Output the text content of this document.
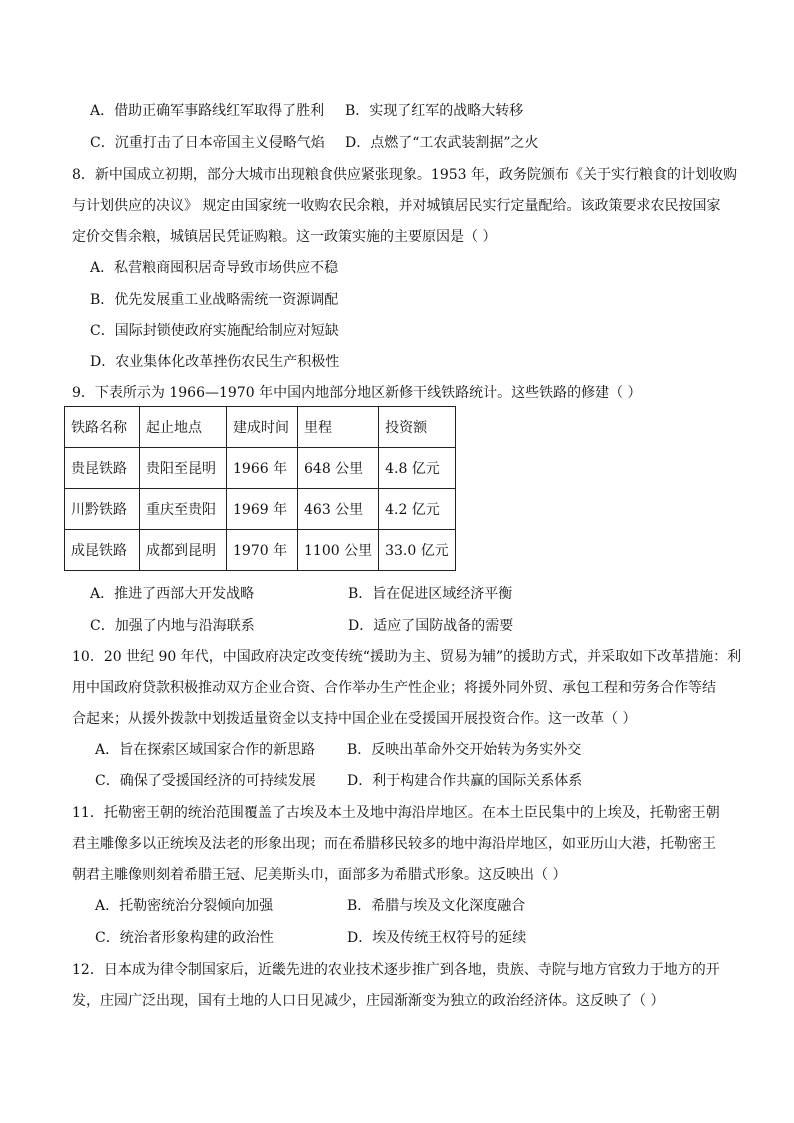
A．借助正确军事路线红军取得了胜利 B．实现了红军的战略大转移
C．沉重打击了日本帝国主义侵略气焰 D．点燃了“工农武装割据”之火
8．新中国成立初期，部分大城市出现粮食供应紧张现象。1953 年，政务院颁布《关于实行粮食的计划收购
与计划供应的决议》 规定由国家统一收购农民余粮，并对城镇居民实行定量配给。该政策要求农民按国家
定价交售余粮，城镇居民凭证购粮。这一政策实施的主要原因是（ ）
A．私营粮商囤积居奇导致市场供应不稳
B．优先发展重工业战略需统一资源调配
C．国际封锁使政府实施配给制应对短缺
D．农业集体化改革挫伤农民生产积极性
9．下表所示为 1966—1970 年中国内地部分地区新修干线铁路统计。这些铁路的修建（ ）
铁路名称	起止地点	建成时间	里程	投资额
贵昆铁路	贵阳至昆明	1966 年	648 公里	4.8 亿元
川黔铁路	重庆至贵阳	1969 年	463 公里	4.2 亿元
成昆铁路	成都到昆明	1970 年	1100 公里	33.0 亿元
A．推进了西部大开发战略	B．旨在促进区域经济平衡
C．加强了内地与沿海联系	D．适应了国防战备的需要
10．20 世纪 90 年代，中国政府决定改变传统“援助为主、贸易为辅”的援助方式，并采取如下改革措施：利
用中国政府贷款积极推动双方企业合资、合作举办生产性企业；将援外同外贸、承包工程和劳务合作等结
合起来；从援外拨款中划拨适量资金以支持中国企业在受援国开展投资合作。这一改革（ ）
A．旨在探索区域国家合作的新思路 B．反映出革命外交开始转为务实外交
C．确保了受援国经济的可持续发展 D．利于构建合作共赢的国际关系体系
11．托勒密王朝的统治范围覆盖了古埃及本土及地中海沿岸地区。在本土臣民集中的上埃及，托勒密王朝
君主雕像多以正统埃及法老的形象出现；而在希腊移民较多的地中海沿岸地区，如亚历山大港，托勒密王
朝君主雕像则刻着希腊王冠、尼美斯头巾，面部多为希腊式形象。这反映出（ ）
A．托勒密统治分裂倾向加强	B．希腊与埃及文化深度融合
C．统治者形象构建的政治性	D．埃及传统王权符号的延续
12．日本成为律令制国家后，近畿先进的农业技术逐步推广到各地，贵族、寺院与地方官致力于地方的开
发，庄园广泛出现，国有土地的人口日见减少，庄园渐渐变为独立的政治经济体。这反映了（ ）
